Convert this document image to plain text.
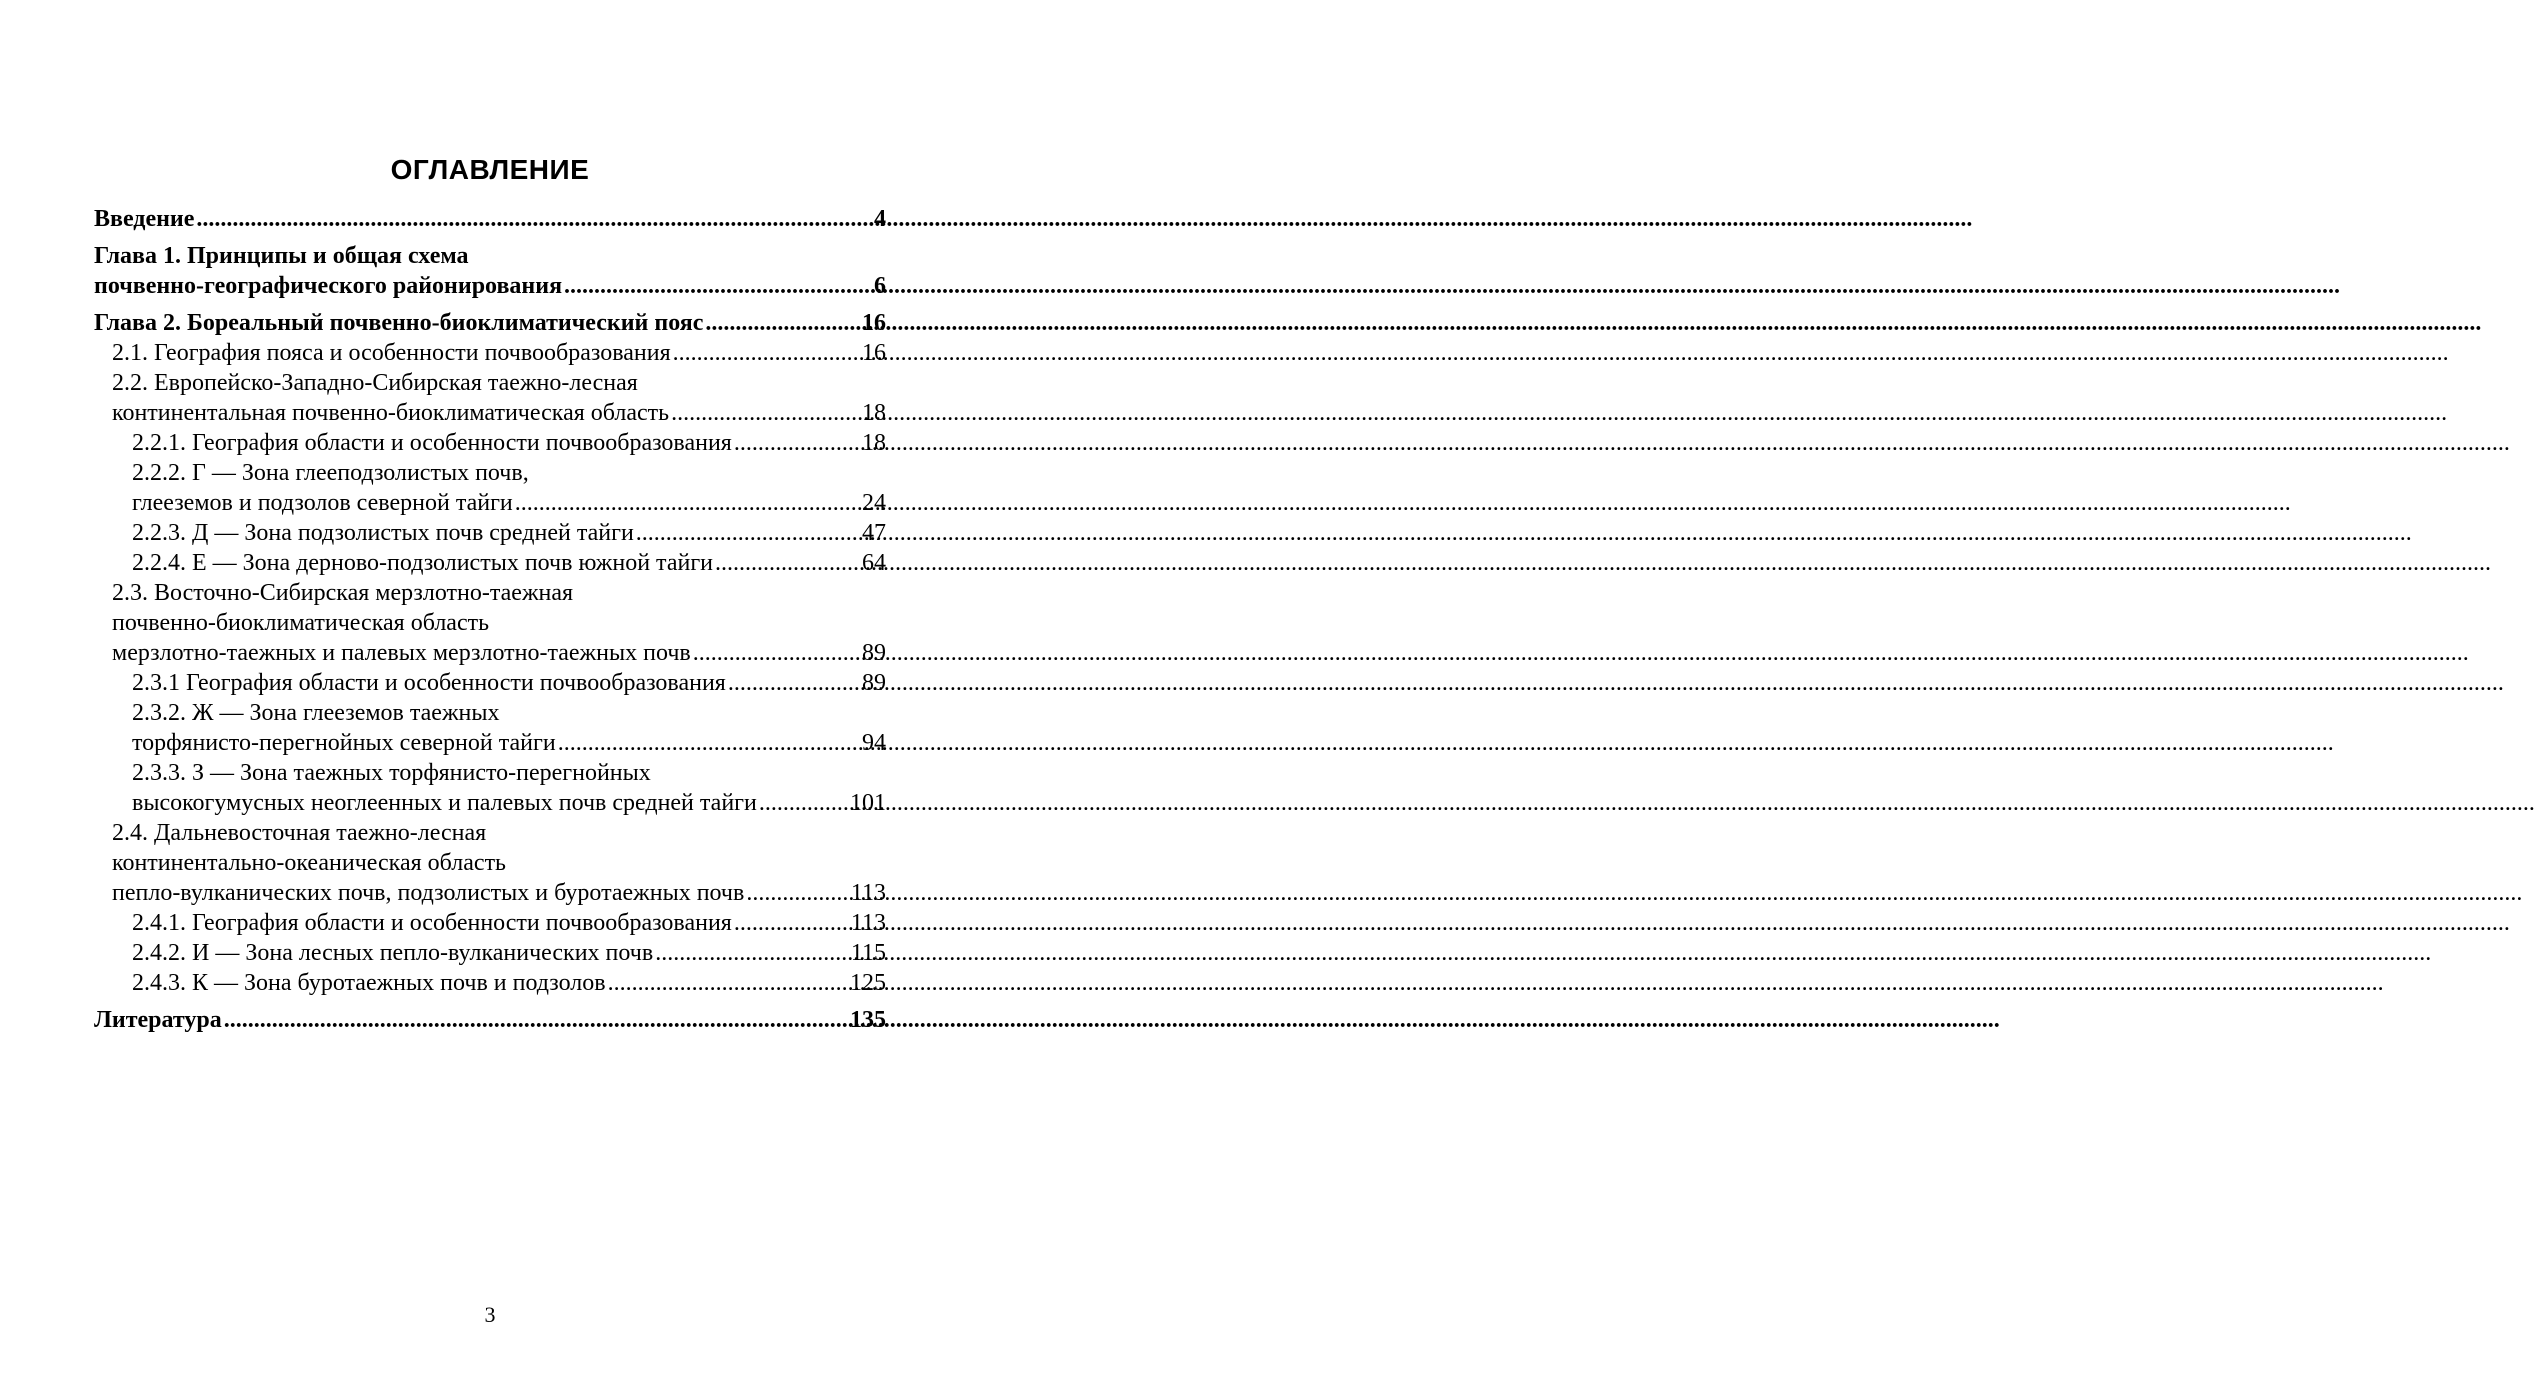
ОГЛАВЛЕНИЕ
Введение .....	4
Глава 1. Принципы и общая схема
почвенно-географического районирования .....	6
Глава 2. Бореальный почвенно-биоклиматический пояс .....	16
2.1. География пояса и особенности почвообразования .....	16
2.2. Европейско-Западно-Сибирская таежно-лесная
континентальная почвенно-биоклиматическая область .....	18
2.2.1. География области и особенности почвообразования .....	18
2.2.2. Г — Зона глееподзолистых почв,
глееземов и подзолов северной тайги .....	24
2.2.3. Д — Зона подзолистых почв средней тайги .....	47
2.2.4. Е — Зона дерново-подзолистых почв южной тайги .....	64
2.3. Восточно-Сибирская мерзлотно-таежная
почвенно-биоклиматическая область
мерзлотно-таежных и палевых мерзлотно-таежных почв .....	89
2.3.1 География области и особенности почвообразования .....	89
2.3.2. Ж — Зона глееземов таежных
торфянисто-перегнойных северной тайги .....	94
2.3.3. З — Зона таежных торфянисто-перегнойных
высокогумусных неоглеенных и палевых почв средней тайги .....	101
2.4. Дальневосточная таежно-лесная
континентально-океаническая область
пепло-вулканических почв, подзолистых и буротаежных почв .....	113
2.4.1. География области и особенности почвообразования .....	113
2.4.2. И — Зона лесных пепло-вулканических почв .....	115
2.4.3. К — Зона буротаежных почв и подзолов .....	125
Литература .....	135
3
